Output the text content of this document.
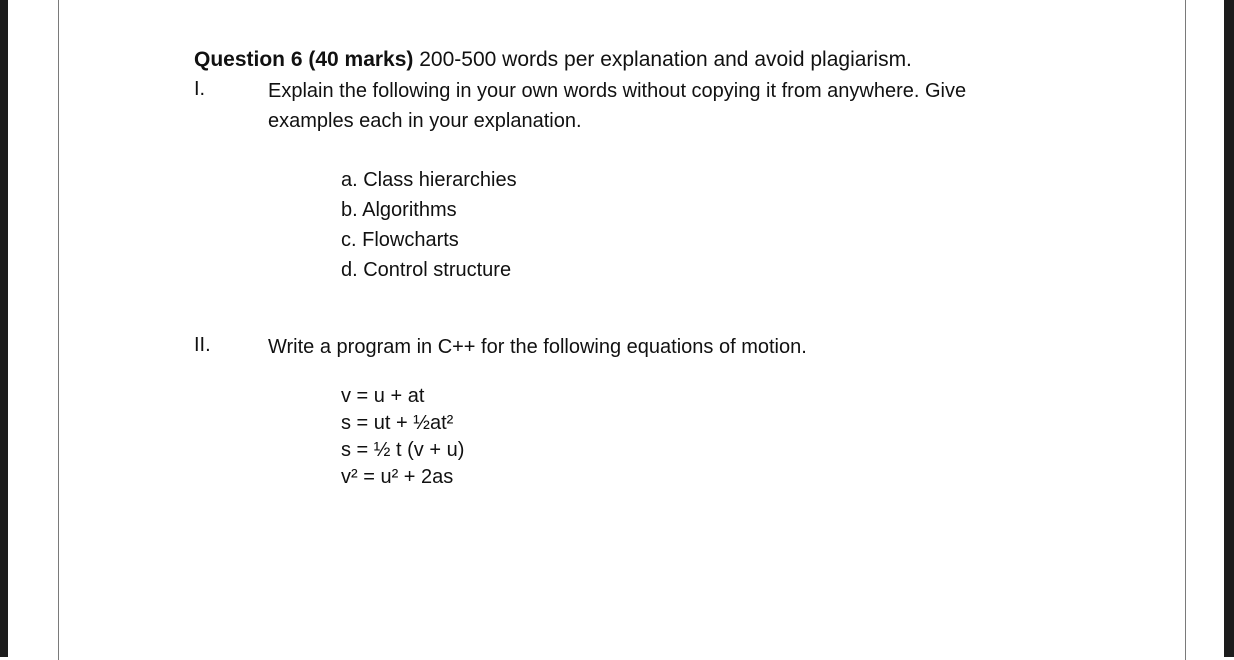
Question 6 (40 marks) 200-500 words per explanation and avoid plagiarism.
I.	Explain the following in your own words without copying it from anywhere. Give
examples each in your explanation.
a. Class hierarchies
b. Algorithms
c. Flowcharts
d. Control structure
II.	Write a program in C++ for the following equations of motion.
v = u + at
s = ut + ½at²
s = ½ t (v + u)
v² = u² + 2as
